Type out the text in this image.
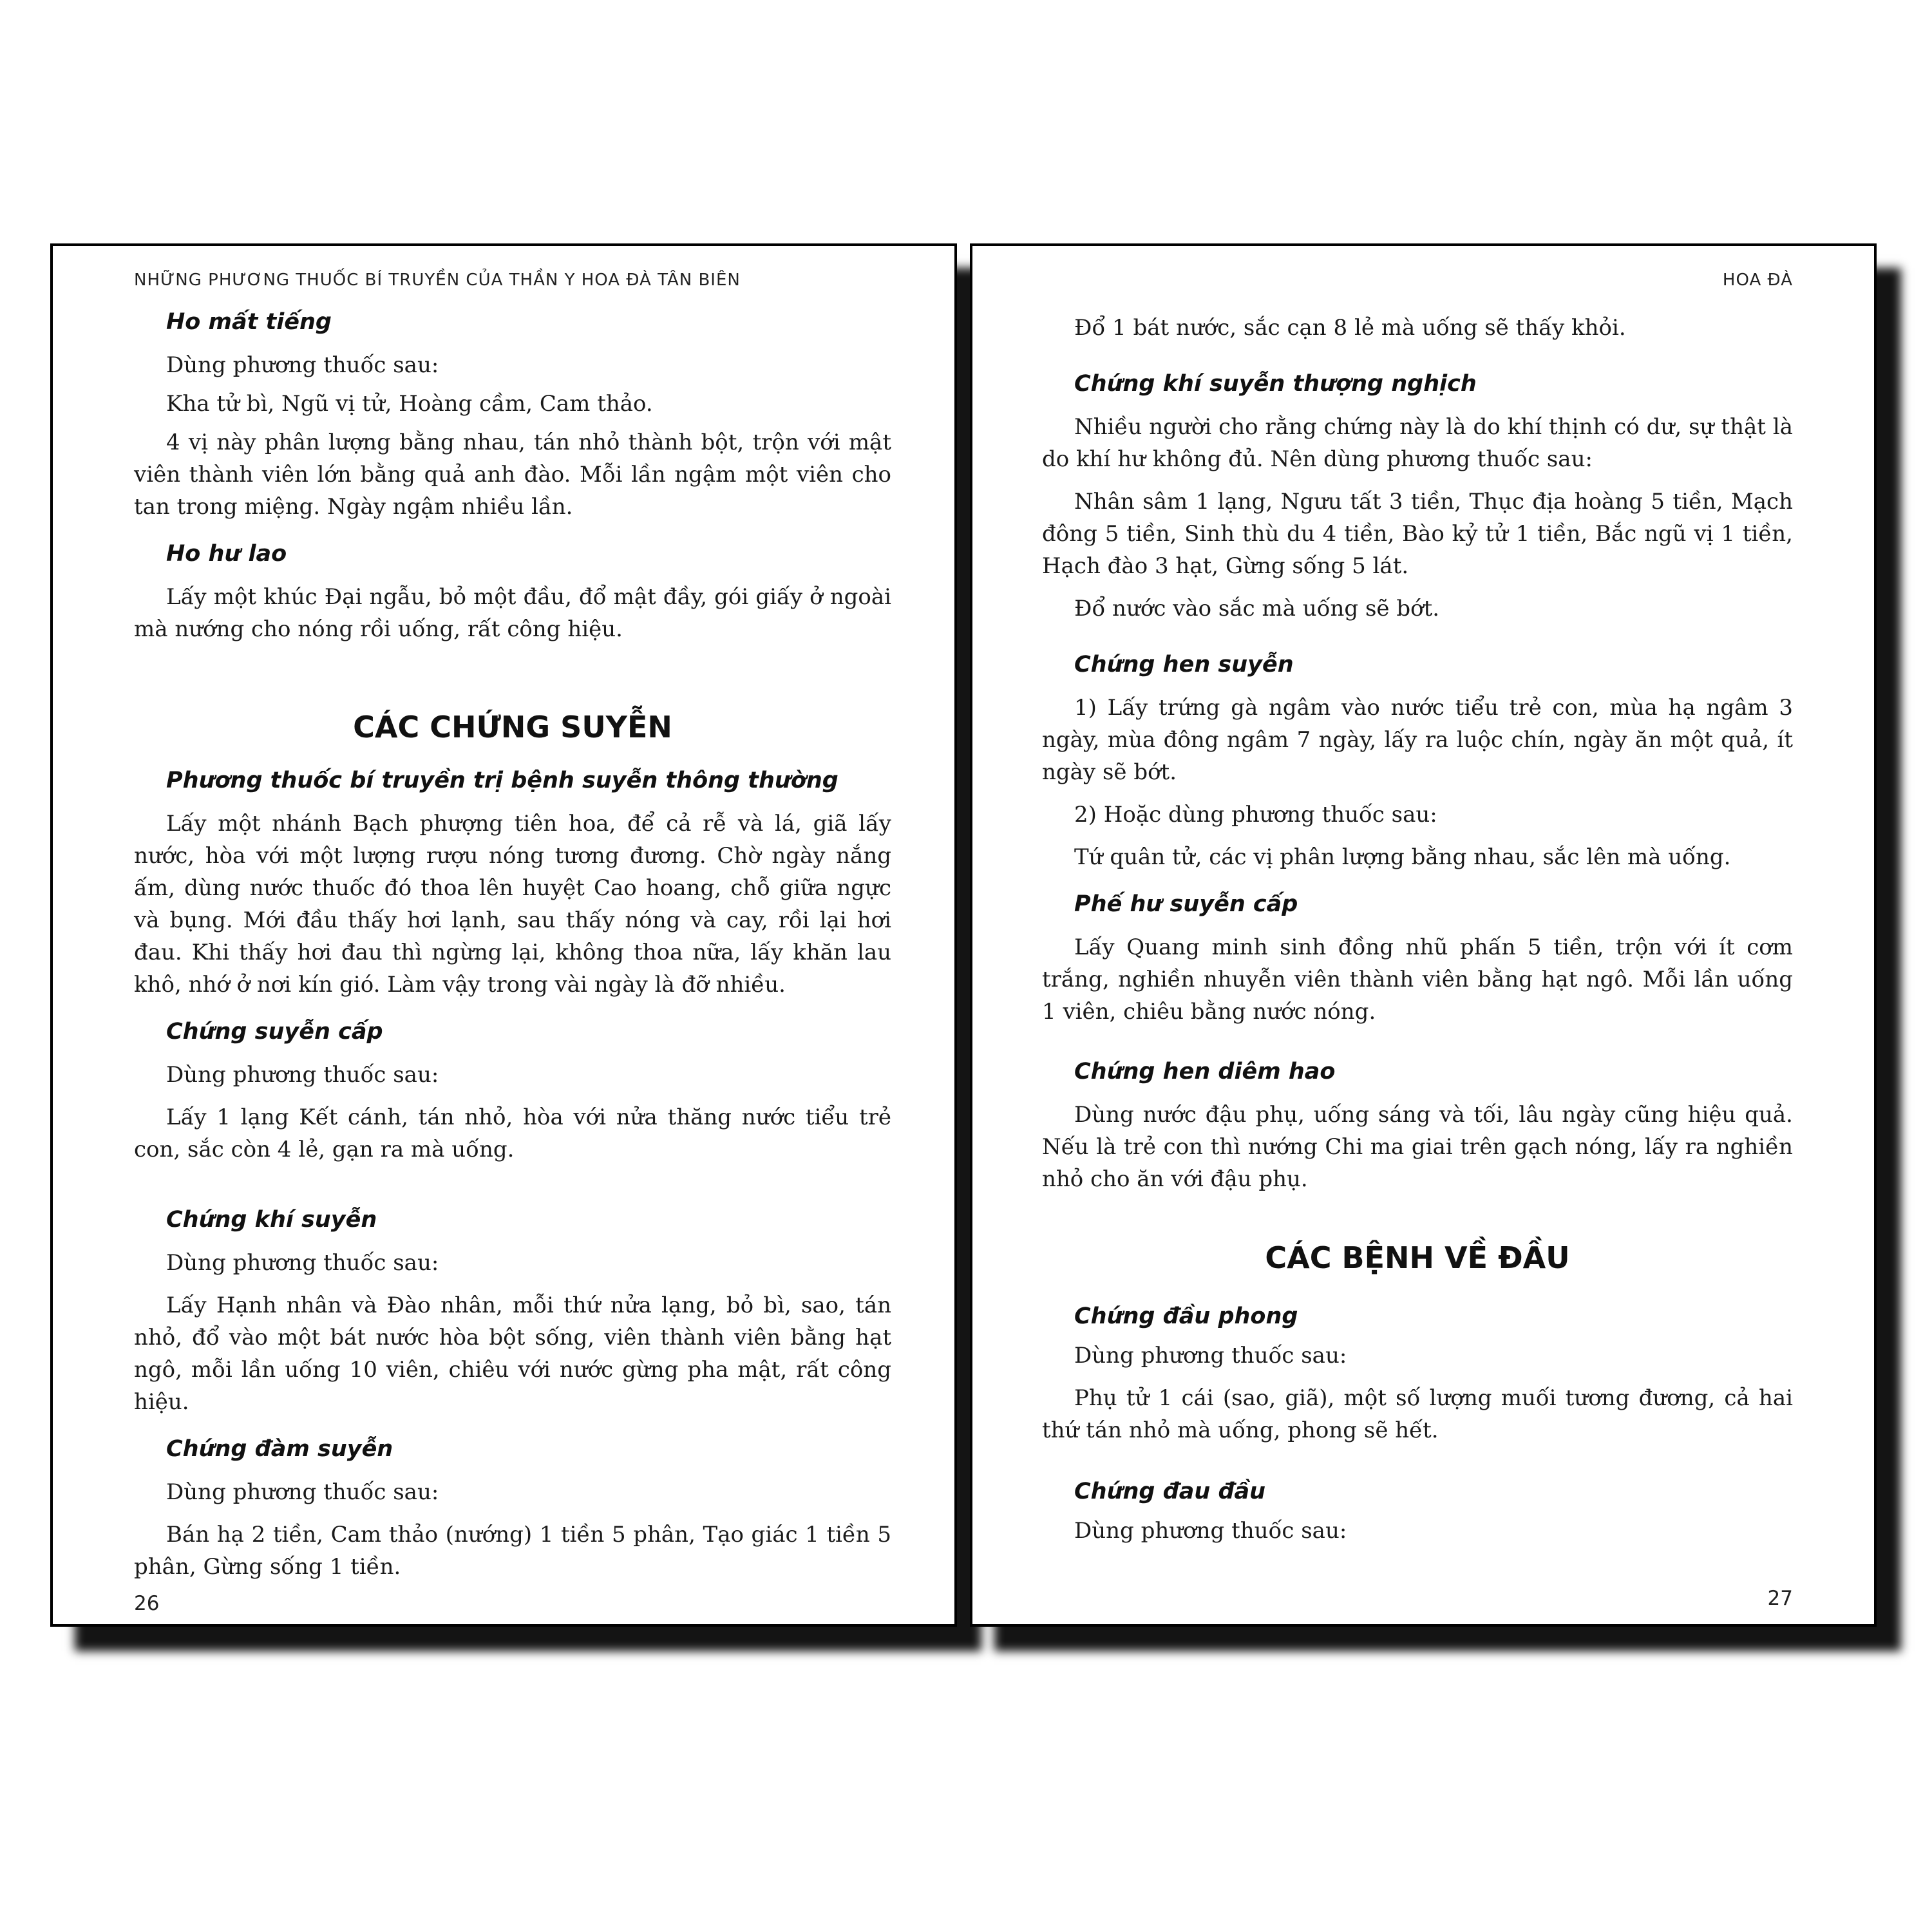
NHỮNG PHƯƠNG THUỐC BÍ TRUYỀN CỦA THẦN Y HOA ĐÀ TÂN BIÊN

Ho mất tiếng

Dùng phương thuốc sau:

Kha tử bì, Ngũ vị tử, Hoàng cầm, Cam thảo.

4 vị này phân lượng bằng nhau, tán nhỏ thành bột, trộn với mật viên thành viên lớn bằng quả anh đào. Mỗi lần ngậm một viên cho tan trong miệng. Ngày ngậm nhiều lần.

Ho hư lao

Lấy một khúc Đại ngẫu, bỏ một đầu, đổ mật đầy, gói giấy ở ngoài mà nướng cho nóng rồi uống, rất công hiệu.

CÁC CHỨNG SUYỄN

Phương thuốc bí truyền trị bệnh suyễn thông thường

Lấy một nhánh Bạch phượng tiên hoa, để cả rễ và lá, giã lấy nước, hòa với một lượng rượu nóng tương đương. Chờ ngày nắng ấm, dùng nước thuốc đó thoa lên huyệt Cao hoang, chỗ giữa ngực và bụng. Mới đầu thấy hơi lạnh, sau thấy nóng và cay, rồi lại hơi đau. Khi thấy hơi đau thì ngừng lại, không thoa nữa, lấy khăn lau khô, nhớ ở nơi kín gió. Làm vậy trong vài ngày là đỡ nhiều.

Chứng suyễn cấp

Dùng phương thuốc sau:

Lấy 1 lạng Kết cánh, tán nhỏ, hòa với nửa thăng nước tiểu trẻ con, sắc còn 4 lẻ, gạn ra mà uống.

Chứng khí suyễn

Dùng phương thuốc sau:

Lấy Hạnh nhân và Đào nhân, mỗi thứ nửa lạng, bỏ bì, sao, tán nhỏ, đổ vào một bát nước hòa bột sống, viên thành viên bằng hạt ngô, mỗi lần uống 10 viên, chiêu với nước gừng pha mật, rất công hiệu.

Chứng đàm suyễn

Dùng phương thuốc sau:

Bán hạ 2 tiền, Cam thảo (nướng) 1 tiền 5 phân, Tạo giác 1 tiền 5 phân, Gừng sống 1 tiền.

26
HOA ĐÀ

Đổ 1 bát nước, sắc cạn 8 lẻ mà uống sẽ thấy khỏi.

Chứng khí suyễn thượng nghịch

Nhiều người cho rằng chứng này là do khí thịnh có dư, sự thật là do khí hư không đủ. Nên dùng phương thuốc sau:

Nhân sâm 1 lạng, Ngưu tất 3 tiền, Thục địa hoàng 5 tiền, Mạch đông 5 tiền, Sinh thù du 4 tiền, Bào kỷ tử 1 tiền, Bắc ngũ vị 1 tiền, Hạch đào 3 hạt, Gừng sống 5 lát.

Đổ nước vào sắc mà uống sẽ bớt.

Chứng hen suyễn

1) Lấy trứng gà ngâm vào nước tiểu trẻ con, mùa hạ ngâm 3 ngày, mùa đông ngâm 7 ngày, lấy ra luộc chín, ngày ăn một quả, ít ngày sẽ bớt.

2) Hoặc dùng phương thuốc sau:

Tứ quân tử, các vị phân lượng bằng nhau, sắc lên mà uống.

Phế hư suyễn cấp

Lấy Quang minh sinh đồng nhũ phấn 5 tiền, trộn với ít cơm trắng, nghiền nhuyễn viên thành viên bằng hạt ngô. Mỗi lần uống 1 viên, chiêu bằng nước nóng.

Chứng hen diêm hao

Dùng nước đậu phụ, uống sáng và tối, lâu ngày cũng hiệu quả. Nếu là trẻ con thì nướng Chi ma giai trên gạch nóng, lấy ra nghiền nhỏ cho ăn với đậu phụ.

CÁC BỆNH VỀ ĐẦU

Chứng đầu phong

Dùng phương thuốc sau:

Phụ tử 1 cái (sao, giã), một số lượng muối tương đương, cả hai thứ tán nhỏ mà uống, phong sẽ hết.

Chứng đau đầu

Dùng phương thuốc sau:

27
